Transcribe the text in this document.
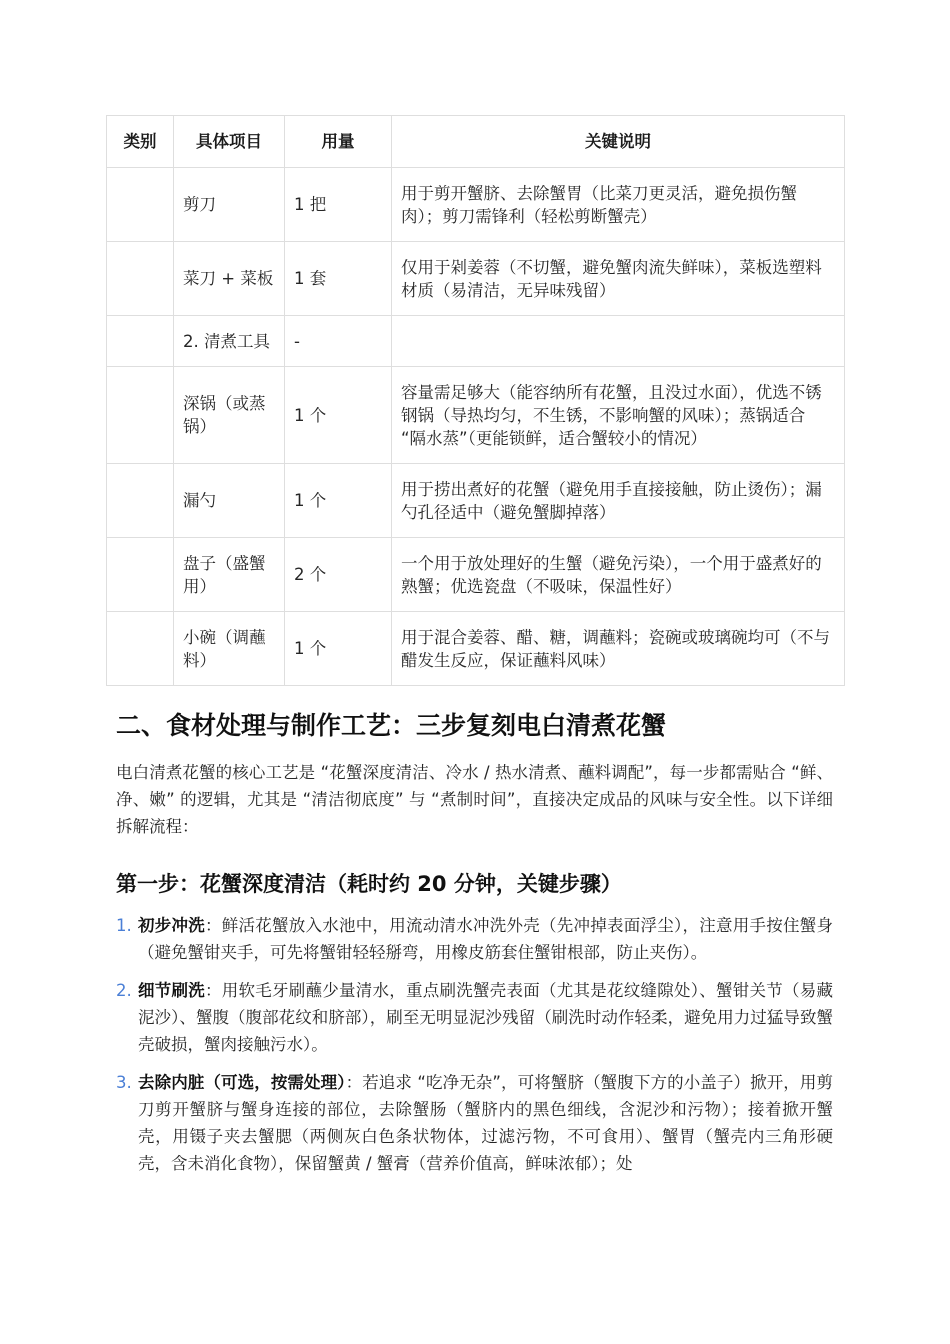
类别	具体项目	用量	关键说明
	剪刀	1 把	用于剪开蟹脐、去除蟹胃（比菜刀更灵活，避免损伤蟹肉）；剪刀需锋利（轻松剪断蟹壳）
	菜刀 + 菜板	1 套	仅用于剁姜蓉（不切蟹，避免蟹肉流失鲜味），菜板选塑料材质（易清洁，无异味残留）
	2. 清煮工具	-	
	深锅（或蒸锅）	1 个	容量需足够大（能容纳所有花蟹，且没过水面），优选不锈钢锅（导热均匀，不生锈，不影响蟹的风味）；蒸锅适合 “隔水蒸”（更能锁鲜，适合蟹较小的情况）
	漏勺	1 个	用于捞出煮好的花蟹（避免用手直接接触，防止烫伤）；漏勺孔径适中（避免蟹脚掉落）
	盘子（盛蟹用）	2 个	一个用于放处理好的生蟹（避免污染），一个用于盛煮好的熟蟹；优选瓷盘（不吸味，保温性好）
	小碗（调蘸料）	1 个	用于混合姜蓉、醋、糖，调蘸料；瓷碗或玻璃碗均可（不与醋发生反应，保证蘸料风味）
二、食材处理与制作工艺：三步复刻电白清煮花蟹

电白清煮花蟹的核心工艺是 “花蟹深度清洁、冷水 / 热水清煮、蘸料调配”，每一步都需贴合 “鲜、净、嫩” 的逻辑，尤其是 “清洁彻底度” 与 “煮制时间”，直接决定成品的风味与安全性。以下详细拆解流程：

第一步：花蟹深度清洁（耗时约 20 分钟，关键步骤）
1. 初步冲洗：鲜活花蟹放入水池中，用流动清水冲洗外壳（先冲掉表面浮尘），注意用手按住蟹身（避免蟹钳夹手，可先将蟹钳轻轻掰弯，用橡皮筋套住蟹钳根部，防止夹伤）。
2. 细节刷洗：用软毛牙刷蘸少量清水，重点刷洗蟹壳表面（尤其是花纹缝隙处）、蟹钳关节（易藏泥沙）、蟹腹（腹部花纹和脐部），刷至无明显泥沙残留（刷洗时动作轻柔，避免用力过猛导致蟹壳破损，蟹肉接触污水）。
3. 去除内脏（可选，按需处理）：若追求 “吃净无杂”，可将蟹脐（蟹腹下方的小盖子）掀开，用剪刀剪开蟹脐与蟹身连接的部位，去除蟹肠（蟹脐内的黑色细线，含泥沙和污物）；接着掀开蟹壳，用镊子夹去蟹腮（两侧灰白色条状物体，过滤污物，不可食用）、蟹胃（蟹壳内三角形硬壳，含未消化食物），保留蟹黄 / 蟹膏（营养价值高，鲜味浓郁）；处
